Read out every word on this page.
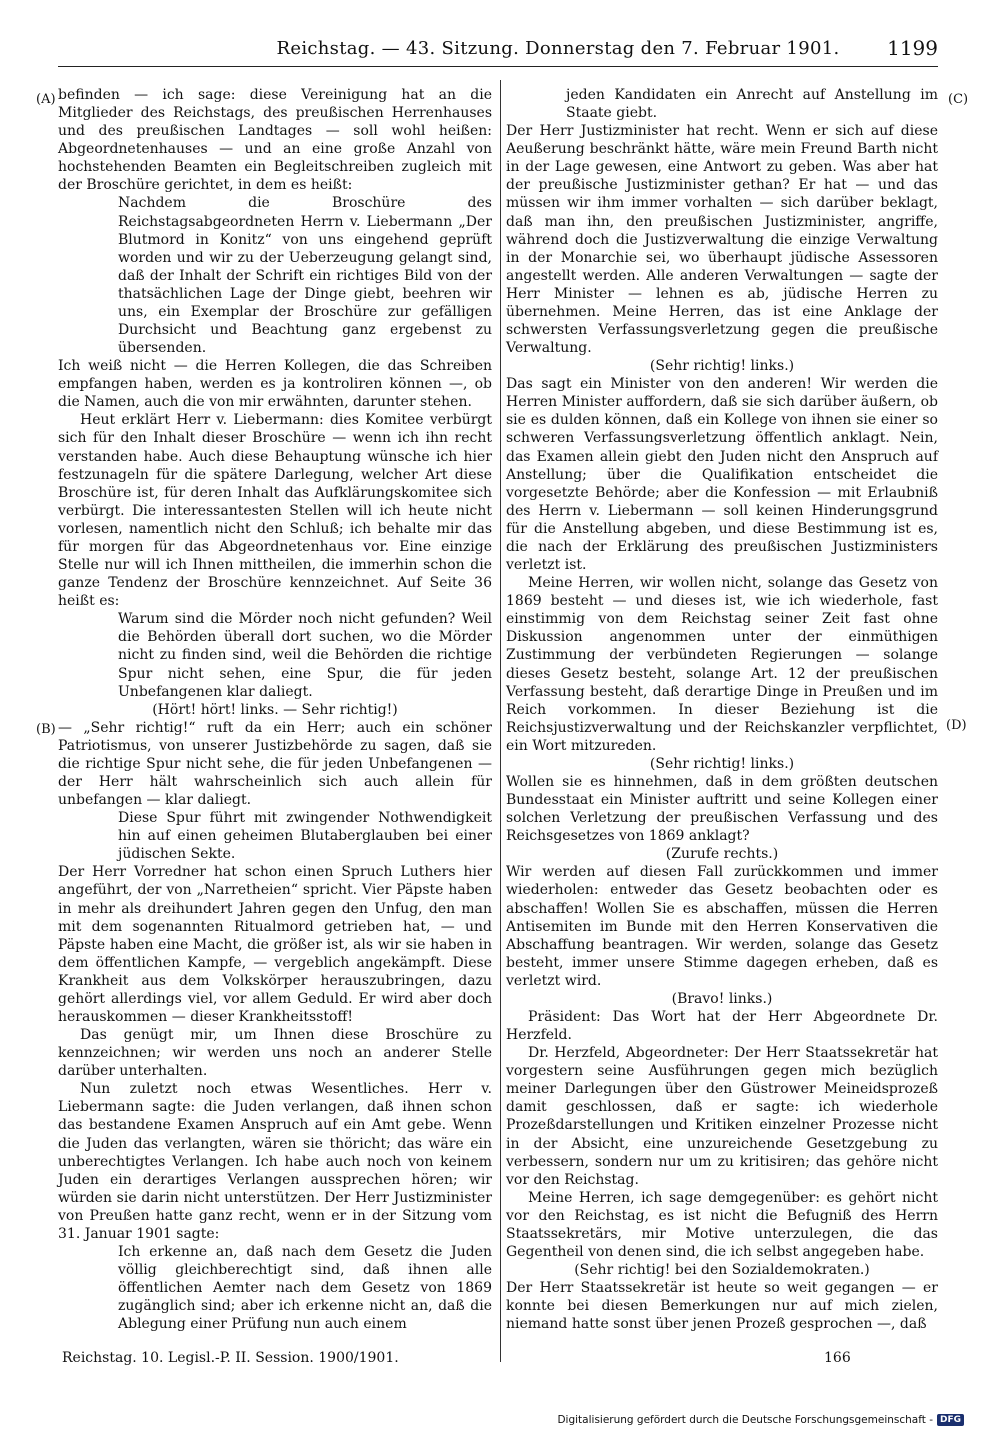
Reichstag. — 43. Sitzung. Donnerstag den 7. Februar 1901.	1199
(A)
(B)
(C)
(D)

befinden — ich sage: diese Vereinigung hat an die Mitglieder des Reichstags, des preußischen Herrenhauses und des preußischen Landtages — soll wohl heißen: Abgeordnetenhauses — und an eine große Anzahl von hochstehenden Beamten ein Begleitschreiben zugleich mit der Broschüre gerichtet, in dem es heißt:

Nachdem die Broschüre des Reichstagsabgeordneten Herrn v. Liebermann „Der Blutmord in Konitz“ von uns eingehend geprüft worden und wir zu der Ueberzeugung gelangt sind, daß der Inhalt der Schrift ein richtiges Bild von der thatsächlichen Lage der Dinge giebt, beehren wir uns, ein Exemplar der Broschüre zur gefälligen Durchsicht und Beachtung ganz ergebenst zu übersenden.

Ich weiß nicht — die Herren Kollegen, die das Schreiben empfangen haben, werden es ja kontroliren können —, ob die Namen, auch die von mir erwähnten, darunter stehen.

Heut erklärt Herr v. Liebermann: dies Komitee verbürgt sich für den Inhalt dieser Broschüre — wenn ich ihn recht verstanden habe. Auch diese Behauptung wünsche ich hier festzunageln für die spätere Darlegung, welcher Art diese Broschüre ist, für deren Inhalt das Aufklärungskomitee sich verbürgt. Die interessantesten Stellen will ich heute nicht vorlesen, namentlich nicht den Schluß; ich behalte mir das für morgen für das Abgeordnetenhaus vor. Eine einzige Stelle nur will ich Ihnen mittheilen, die immerhin schon die ganze Tendenz der Broschüre kennzeichnet. Auf Seite 36 heißt es:

Warum sind die Mörder noch nicht gefunden? Weil die Behörden überall dort suchen, wo die Mörder nicht zu finden sind, weil die Behörden die richtige Spur nicht sehen, eine Spur, die für jeden Unbefangenen klar daliegt.

(Hört! hört! links. — Sehr richtig!)

— „Sehr richtig!“ ruft da ein Herr; auch ein schöner Patriotismus, von unserer Justizbehörde zu sagen, daß sie die richtige Spur nicht sehe, die für jeden Unbefangenen — der Herr hält wahrscheinlich sich auch allein für unbefangen — klar daliegt.

Diese Spur führt mit zwingender Nothwendigkeit hin auf einen geheimen Blutaberglauben bei einer jüdischen Sekte.

Der Herr Vorredner hat schon einen Spruch Luthers hier angeführt, der von „Narretheien“ spricht. Vier Päpste haben in mehr als dreihundert Jahren gegen den Unfug, den man mit dem sogenannten Ritualmord getrieben hat, — und Päpste haben eine Macht, die größer ist, als wir sie haben in dem öffentlichen Kampfe, — vergeblich angekämpft. Diese Krankheit aus dem Volkskörper herauszubringen, dazu gehört allerdings viel, vor allem Geduld. Er wird aber doch herauskommen — dieser Krankheitsstoff!

Das genügt mir, um Ihnen diese Broschüre zu kennzeichnen; wir werden uns noch an anderer Stelle darüber unterhalten.

Nun zuletzt noch etwas Wesentliches. Herr v. Liebermann sagte: die Juden verlangen, daß ihnen schon das bestandene Examen Anspruch auf ein Amt gebe. Wenn die Juden das verlangten, wären sie thöricht; das wäre ein unberechtigtes Verlangen. Ich habe auch noch von keinem Juden ein derartiges Verlangen aussprechen hören; wir würden sie darin nicht unterstützen. Der Herr Justizminister von Preußen hatte ganz recht, wenn er in der Sitzung vom 31. Januar 1901 sagte:

Ich erkenne an, daß nach dem Gesetz die Juden völlig gleichberechtigt sind, daß ihnen alle öffentlichen Aemter nach dem Gesetz von 1869 zugänglich sind; aber ich erkenne nicht an, daß die Ablegung einer Prüfung nun auch einem

jeden Kandidaten ein Anrecht auf Anstellung im Staate giebt.

Der Herr Justizminister hat recht. Wenn er sich auf diese Aeußerung beschränkt hätte, wäre mein Freund Barth nicht in der Lage gewesen, eine Antwort zu geben. Was aber hat der preußische Justizminister gethan? Er hat — und das müssen wir ihm immer vorhalten — sich darüber beklagt, daß man ihn, den preußischen Justizminister, angriffe, während doch die Justizverwaltung die einzige Verwaltung in der Monarchie sei, wo überhaupt jüdische Assessoren angestellt werden. Alle anderen Verwaltungen — sagte der Herr Minister — lehnen es ab, jüdische Herren zu übernehmen. Meine Herren, das ist eine Anklage der schwersten Verfassungsverletzung gegen die preußische Verwaltung.

(Sehr richtig! links.)

Das sagt ein Minister von den anderen! Wir werden die Herren Minister auffordern, daß sie sich darüber äußern, ob sie es dulden können, daß ein Kollege von ihnen sie einer so schweren Verfassungsverletzung öffentlich anklagt. Nein, das Examen allein giebt den Juden nicht den Anspruch auf Anstellung; über die Qualifikation entscheidet die vorgesetzte Behörde; aber die Konfession — mit Erlaubniß des Herrn v. Liebermann — soll keinen Hinderungsgrund für die Anstellung abgeben, und diese Bestimmung ist es, die nach der Erklärung des preußischen Justizministers verletzt ist.

Meine Herren, wir wollen nicht, solange das Gesetz von 1869 besteht — und dieses ist, wie ich wiederhole, fast einstimmig von dem Reichstag seiner Zeit fast ohne Diskussion angenommen unter der einmüthigen Zustimmung der verbündeten Regierungen — solange dieses Gesetz besteht, solange Art. 12 der preußischen Verfassung besteht, daß derartige Dinge in Preußen und im Reich vorkommen. In dieser Beziehung ist die Reichsjustizverwaltung und der Reichskanzler verpflichtet, ein Wort mitzureden.

(Sehr richtig! links.)

Wollen sie es hinnehmen, daß in dem größten deutschen Bundesstaat ein Minister auftritt und seine Kollegen einer solchen Verletzung der preußischen Verfassung und des Reichsgesetzes von 1869 anklagt?

(Zurufe rechts.)

Wir werden auf diesen Fall zurückkommen und immer wiederholen: entweder das Gesetz beobachten oder es abschaffen! Wollen Sie es abschaffen, müssen die Herren Antisemiten im Bunde mit den Herren Konservativen die Abschaffung beantragen. Wir werden, solange das Gesetz besteht, immer unsere Stimme dagegen erheben, daß es verletzt wird.

(Bravo! links.)

Präsident: Das Wort hat der Herr Abgeordnete Dr. Herzfeld.

Dr. Herzfeld, Abgeordneter: Der Herr Staatssekretär hat vorgestern seine Ausführungen gegen mich bezüglich meiner Darlegungen über den Güstrower Meineidsprozeß damit geschlossen, daß er sagte: ich wiederhole Prozeßdarstellungen und Kritiken einzelner Prozesse nicht in der Absicht, eine unzureichende Gesetzgebung zu verbessern, sondern nur um zu kritisiren; das gehöre nicht vor den Reichstag.

Meine Herren, ich sage demgegenüber: es gehört nicht vor den Reichstag, es ist nicht die Befugniß des Herrn Staatssekretärs, mir Motive unterzulegen, die das Gegentheil von denen sind, die ich selbst angegeben habe.

(Sehr richtig! bei den Sozialdemokraten.)

Der Herr Staatssekretär ist heute so weit gegangen — er konnte bei diesen Bemerkungen nur auf mich zielen, niemand hatte sonst über jenen Prozeß gesprochen —, daß

Reichstag. 10. Legisl.-P. II. Session. 1900/1901.	166
Digitalisierung gefördert durch die Deutsche Forschungsgemeinschaft - DFG
